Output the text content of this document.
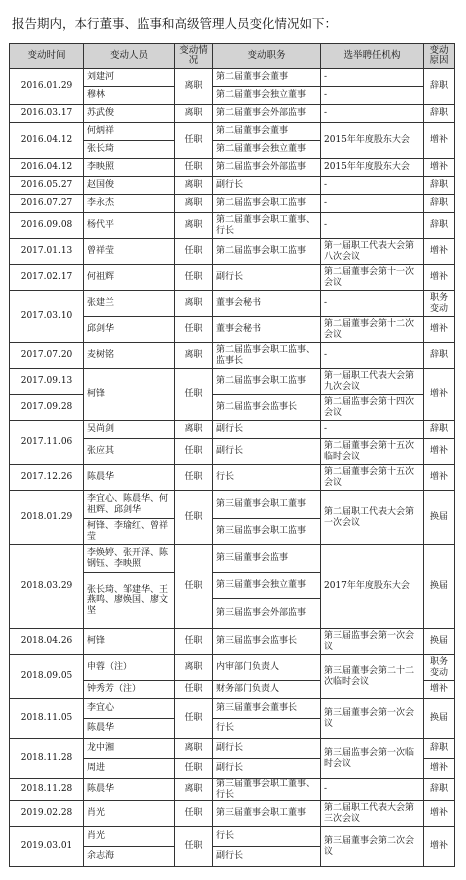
报告期内，本行董事、监事和高级管理人员变化情况如下：
变动时间	变动人员	变动情况	变动职务	选举聘任机构	变动原因
2016.01.29	刘建河	离职	第二届董事会董事	-	辞职
	穆林		第二届董事会独立董事	-	
2016.03.17	苏武俊	离职	第二届董事会外部监事	-	辞职
2016.04.12	何炳祥	任职	第二届董事会董事	2015年年度股东大会	增补
	张长琦		第二届董事会独立董事		
2016.04.12	李映照	任职	第二届监事会外部监事	2015年年度股东大会	增补
2016.05.27	赵国俊	离职	副行长	-	辞职
2016.07.27	李永杰	离职	第二届监事会职工监事	-	辞职
2016.09.08	杨代平	离职	第二届董事会职工董事、行长	-	辞职
2017.01.13	曾祥莹	任职	第二届监事会职工监事	第一届职工代表大会第八次会议	增补
2017.02.17	何祖辉	任职	副行长	第二届董事会第十一次会议	增补
2017.03.10	张建兰	离职	董事会秘书	-	职务变动
	邱剑华	任职	董事会秘书	第二届董事会第十二次会议	增补
2017.07.20	麦树铭	离职	第二届监事会职工监事、监事长	-	辞职
2017.09.13	柯锋	任职	第二届监事会职工监事	第一届职工代表大会第九次会议	增补
2017.09.28			第二届监事会监事长	第二届监事会第十四次会议	
2017.11.06	吴尚剑	离职	副行长	-	辞职
	张应其	任职	副行长	第二届董事会第十五次临时会议	增补
2017.12.26	陈晨华	任职	行长	第二届董事会第十五次会议	增补
2018.01.29	李宜心、陈晨华、何祖辉、邱剑华	任职	第三届董事会职工董事	第二届职工代表大会第一次会议	换届
	柯锋、李瑜红、曾祥莹		第三届监事会职工监事		
2018.03.29	李焕婷、张开泽、陈钢钰、李映照	任职	第三届董事会监事	2017年年度股东大会	换届
	张长琦、邹建华、王燕鸣、廖焕国、廖文坚		第三届董事会独立董事		
			第三届监事会外部监事		
2018.04.26	柯锋	任职	第三届监事会监事长	第三届监事会第一次会议	换届
2018.09.05	申蓉（注）	离职	内审部门负责人	第三届董事会第二十二次临时会议	职务变动
	钟秀芳（注）	任职	财务部门负责人		增补
2018.11.05	李宜心	任职	第三届董事会董事长	第三届董事会第一次会议	换届
	陈晨华		行长		
2018.11.28	龙中湘	离职	副行长	第三届监事会第一次临时会议	辞职
	周进	任职	副行长		增补
2018.11.28	陈晨华	离职	第三届董事会职工董事、行长	-	辞职
2019.02.28	肖光	任职	第三届董事会职工董事	第二届职工代表大会第三次会议	增补
2019.03.01	肖光	任职	行长	第三届董事会第二次会议	增补
	余志海		副行长		
